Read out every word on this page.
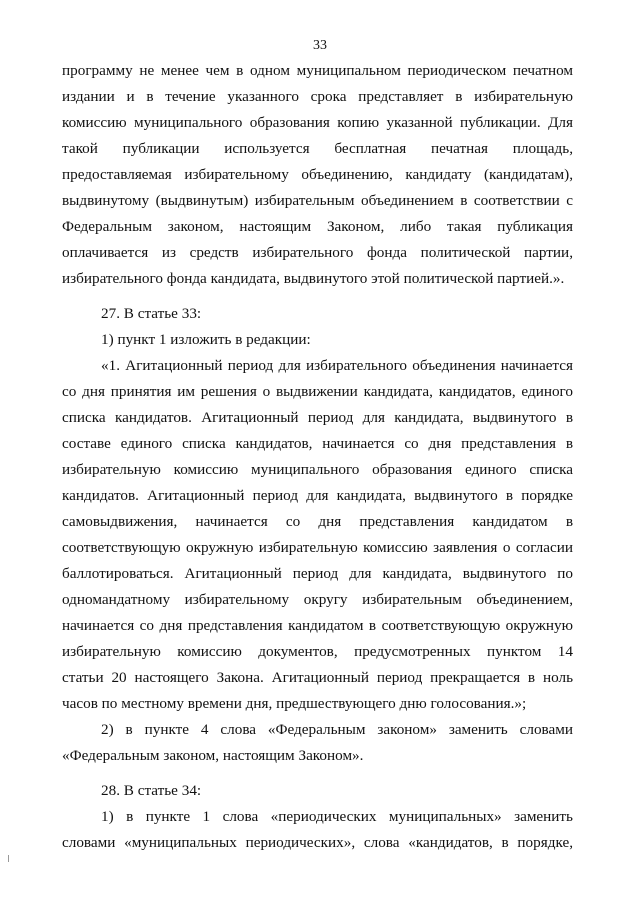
33
программу не менее чем в одном муниципальном периодическом печатном
издании и в течение указанного срока представляет в избирательную
комиссию муниципального образования копию указанной публикации. Для
такой публикации используется бесплатная печатная площадь,
предоставляемая избирательному объединению, кандидату (кандидатам),
выдвинутому (выдвинутым) избирательным объединением в соответствии с
Федеральным законом, настоящим Законом, либо такая публикация
оплачивается из средств избирательного фонда политической партии,
избирательного фонда кандидата, выдвинутого этой политической партией.».
27. В статье 33:
1) пункт 1 изложить в редакции:
«1. Агитационный период для избирательного объединения начинается
со дня принятия им решения о выдвижении кандидата, кандидатов, единого
списка кандидатов. Агитационный период для кандидата, выдвинутого в
составе единого списка кандидатов, начинается со дня представления в
избирательную комиссию муниципального образования единого списка
кандидатов. Агитационный период для кандидата, выдвинутого в порядке
самовыдвижения, начинается со дня представления кандидатом в
соответствующую окружную избирательную комиссию заявления о согласии
баллотироваться. Агитационный период для кандидата, выдвинутого по
одномандатному избирательному округу избирательным объединением,
начинается со дня представления кандидатом в соответствующую окружную
избирательную комиссию документов, предусмотренных пунктом 14
статьи 20 настоящего Закона. Агитационный период прекращается в ноль
часов по местному времени дня, предшествующего дню голосования.»;
2) в пункте 4 слова «Федеральным законом» заменить словами
«Федеральным законом, настоящим Законом».
28. В статье 34:
1) в пункте 1 слова «периодических муниципальных» заменить
словами «муниципальных периодических», слова «кандидатов, в порядке,
